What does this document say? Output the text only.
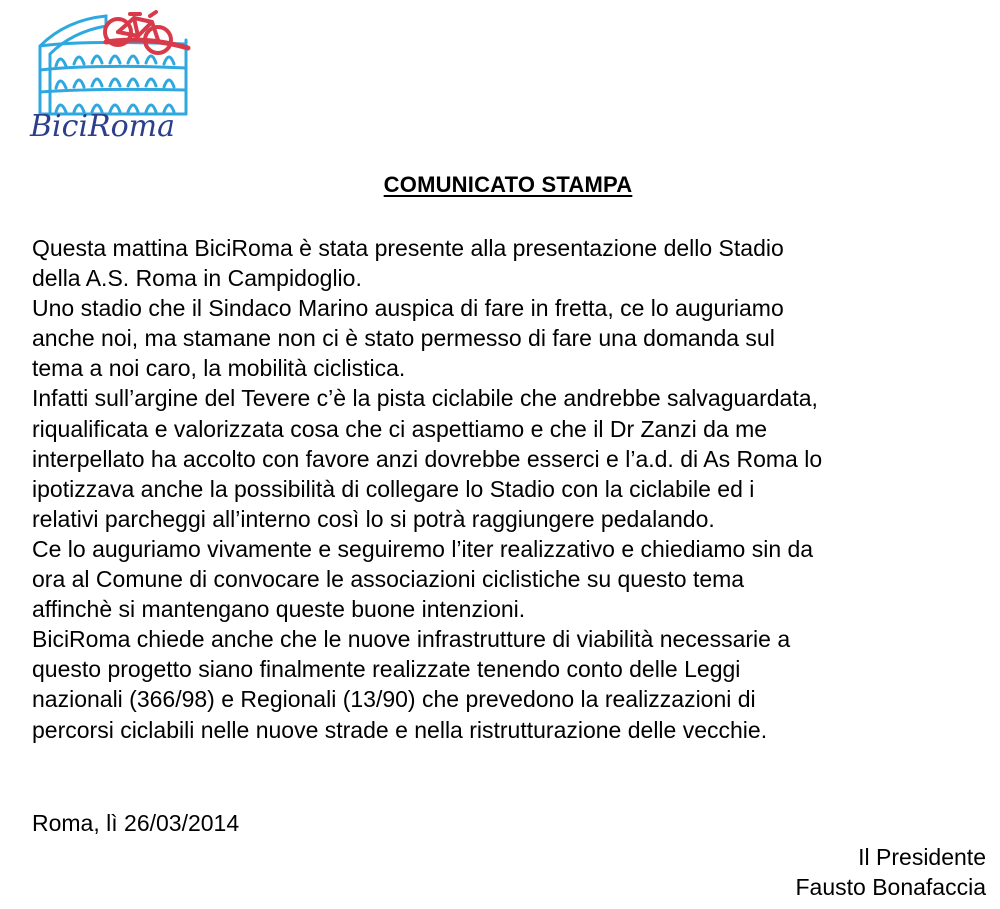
BiciRoma
COMUNICATO STAMPA
Questa mattina BiciRoma è stata presente alla presentazione dello Stadio
della A.S. Roma in Campidoglio.
Uno stadio che il Sindaco Marino auspica di fare in fretta, ce lo auguriamo
anche noi, ma stamane non ci è stato permesso di fare una domanda sul
tema a noi caro, la mobilità ciclistica.
Infatti sull’argine del Tevere c’è la pista ciclabile che andrebbe salvaguardata,
riqualificata e valorizzata cosa che ci aspettiamo e che il Dr Zanzi da me
interpellato ha accolto con favore anzi dovrebbe esserci e l’a.d. di As Roma lo
ipotizzava anche la possibilità di collegare lo Stadio con la ciclabile ed i
relativi parcheggi all’interno così lo si potrà raggiungere pedalando.
Ce lo auguriamo vivamente e seguiremo l’iter realizzativo e chiediamo sin da
ora al Comune di convocare le associazioni ciclistiche su questo tema
affinchè si mantengano queste buone intenzioni.
BiciRoma chiede anche che le nuove infrastrutture di viabilità necessarie a
questo progetto siano finalmente realizzate tenendo conto delle Leggi
nazionali (366/98) e Regionali (13/90) che prevedono la realizzazioni di
percorsi ciclabili nelle nuove strade e nella ristrutturazione delle vecchie.
Roma, lì 26/03/2014
Il Presidente
Fausto Bonafaccia
